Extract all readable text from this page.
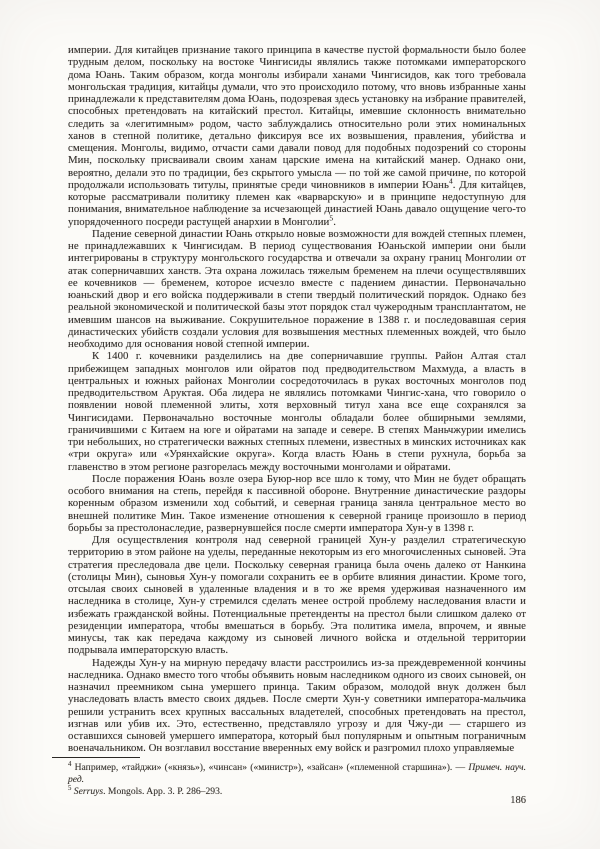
империи. Для китайцев признание такого принципа в качестве пустой формальности было более трудным делом, поскольку на востоке Чингисиды являлись также потомками императорского дома Юань. Таким образом, когда монголы избирали ханами Чингисидов, как того требовала монгольская традиция, китайцы думали, что это происходило потому, что вновь избранные ханы принадлежали к представителям дома Юань, подозревая здесь установку на избрание правителей, способных претендовать на китайский престол. Китайцы, имевшие склонность внимательно следить за «легитимным» родом, часто заблуждались относительно роли этих номинальных ханов в степной политике, детально фиксируя все их возвышения, правления, убийства и смещения. Монголы, видимо, отчасти сами давали повод для подобных подозрений со стороны Мин, поскольку присваивали своим ханам царские имена на китайский манер. Однако они, вероятно, делали это по традиции, без скрытого умысла — по той же самой причине, по которой продолжали использовать титулы, принятые среди чиновников в империи Юань$^4$. Для китайцев, которые рассматривали политику племен как «варварскую» и в принципе недоступную для понимания, внимательное наблюдение за исчезающей династией Юань давало ощущение чего-то упорядоченного посреди растущей анархии в Монголии$^5$.

Падение северной династии Юань открыло новые возможности для вождей степных племен, не принадлежавших к Чингисидам. В период существования Юаньской империи они были интегрированы в структуру монгольского государства и отвечали за охрану границ Монголии от атак соперничавших ханств. Эта охрана ложилась тяжелым бременем на плечи осуществлявших ее кочевников — бременем, которое исчезло вместе с падением династии. Первоначально юаньский двор и его войска поддерживали в степи твердый политический порядок. Однако без реальной экономической и политической базы этот порядок стал чужеродным трансплантатом, не имевшим шансов на выживание. Сокрушительное поражение в 1388 г. и последовавшая серия династических убийств создали условия для возвышения местных племенных вождей, что было необходимо для основания новой степной империи.

К 1400 г. кочевники разделились на две соперничавшие группы. Район Алтая стал прибежищем западных монголов или ойратов под предводительством Махмуда, а власть в центральных и южных районах Монголии сосредоточилась в руках восточных монголов под предводительством Аруктая. Оба лидера не являлись потомками Чингис-хана, что говорило о появлении новой племенной элиты, хотя верховный титул хана все еще сохранялся за Чингисидами. Первоначально восточные монголы обладали более обширными землями, граничившими с Китаем на юге и ойратами на западе и севере. В степях Маньчжурии имелись три небольших, но стратегически важных степных племени, известных в минских источниках как «три округа» или «Урянхайские округа». Когда власть Юань в степи рухнула, борьба за главенство в этом регионе разгорелась между восточными монголами и ойратами.

После поражения Юань возле озера Буюр-нор все шло к тому, что Мин не будет обращать особого внимания на степь, перейдя к пассивной обороне. Внутренние династические раздоры коренным образом изменили ход событий, и северная граница заняла центральное место во внешней политике Мин. Такое изменение отношения к северной границе произошло в период борьбы за престолонаследие, развернувшейся после смерти императора Хун-у в 1398 г.

Для осуществления контроля над северной границей Хун-у разделил стратегическую территорию в этом районе на уделы, переданные некоторым из его многочисленных сыновей. Эта стратегия преследовала две цели. Поскольку северная граница была очень далеко от Нанкина (столицы Мин), сыновья Хун-у помогали сохранить ее в орбите влияния династии. Кроме того, отсылая своих сыновей в удаленные владения и в то же время удерживая назначенного им наследника в столице, Хун-у стремился сделать менее острой проблему наследования власти и избежать гражданской войны. Потенциальные претенденты на престол были слишком далеко от резиденции императора, чтобы вмешаться в борьбу. Эта политика имела, впрочем, и явные минусы, так как передача каждому из сыновей личного войска и отдельной территории подрывала императорскую власть.

Надежды Хун-у на мирную передачу власти расстроились из-за преждевременной кончины наследника. Однако вместо того чтобы объявить новым наследником одного из своих сыновей, он назначил преемником сына умершего принца. Таким образом, молодой внук должен был унаследовать власть вместо своих дядьев. После смерти Хун-у советники императора-мальчика решили устранить всех крупных вассальных владетелей, способных претендовать на престол, изгнав или убив их. Это, естественно, представляло угрозу и для Чжу-ди — старшего из оставшихся сыновей умершего императора, который был популярным и опытным пограничным военачальником. Он возглавил восстание вверенных ему войск и разгромил плохо управляемые

$^4$ Например, «тайджи» («князь»), «чинсан» («министр»), «зайсан» («племенной старшина»). — Примеч. науч. ред.

$^5$ Serruys. Mongols. App. 3. P. 286–293.

186
